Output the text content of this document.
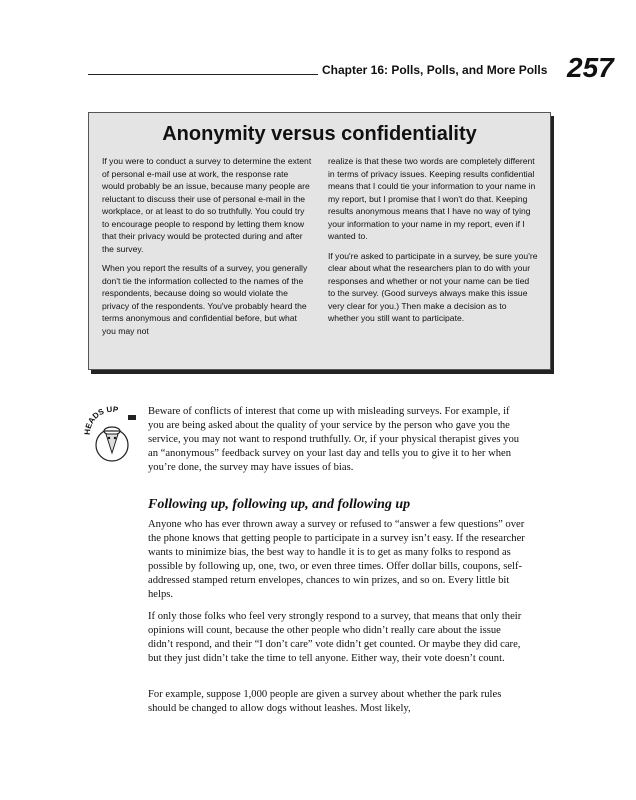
Chapter 16: Polls, Polls, and More Polls 257
Anonymity versus confidentiality

If you were to conduct a survey to determine the extent of personal e-mail use at work, the response rate would probably be an issue, because many people are reluctant to discuss their use of personal e-mail in the workplace, or at least to do so truthfully. You could try to encourage people to respond by letting them know that their privacy would be protected during and after the survey.

When you report the results of a survey, you generally don't tie the information collected to the names of the respondents, because doing so would violate the privacy of the respondents. You've probably heard the terms anonymous and confidential before, but what you may not

realize is that these two words are completely different in terms of privacy issues. Keeping results confidential means that I could tie your information to your name in my report, but I promise that I won't do that. Keeping results anonymous means that I have no way of tying your information to your name in my report, even if I wanted to.

If you're asked to participate in a survey, be sure you're clear about what the researchers plan to do with your responses and whether or not your name can be tied to the survey. (Good surveys always make this issue very clear for you.) Then make a decision as to whether you still want to participate.

HEADS UP	Beware of conflicts of interest that come up with misleading surveys. For example, if you are being asked about the quality of your service by the person who gave you the service, you may not want to respond truthfully. Or, if your physical therapist gives you an “anonymous” feedback survey on your last day and tells you to give it to her when you’re done, the survey may have issues of bias.

Following up, following up, and following up
Anyone who has ever thrown away a survey or refused to “answer a few questions” over the phone knows that getting people to participate in a survey isn’t easy. If the researcher wants to minimize bias, the best way to handle it is to get as many folks to respond as possible by following up, one, two, or even three times. Offer dollar bills, coupons, self-addressed stamped return envelopes, chances to win prizes, and so on. Every little bit helps.
If only those folks who feel very strongly respond to a survey, that means that only their opinions will count, because the other people who didn’t really care about the issue didn’t respond, and their “I don’t care” vote didn’t get counted. Or maybe they did care, but they just didn’t take the time to tell anyone. Either way, their vote doesn’t count.
For example, suppose 1,000 people are given a survey about whether the park rules should be changed to allow dogs without leashes. Most likely,
